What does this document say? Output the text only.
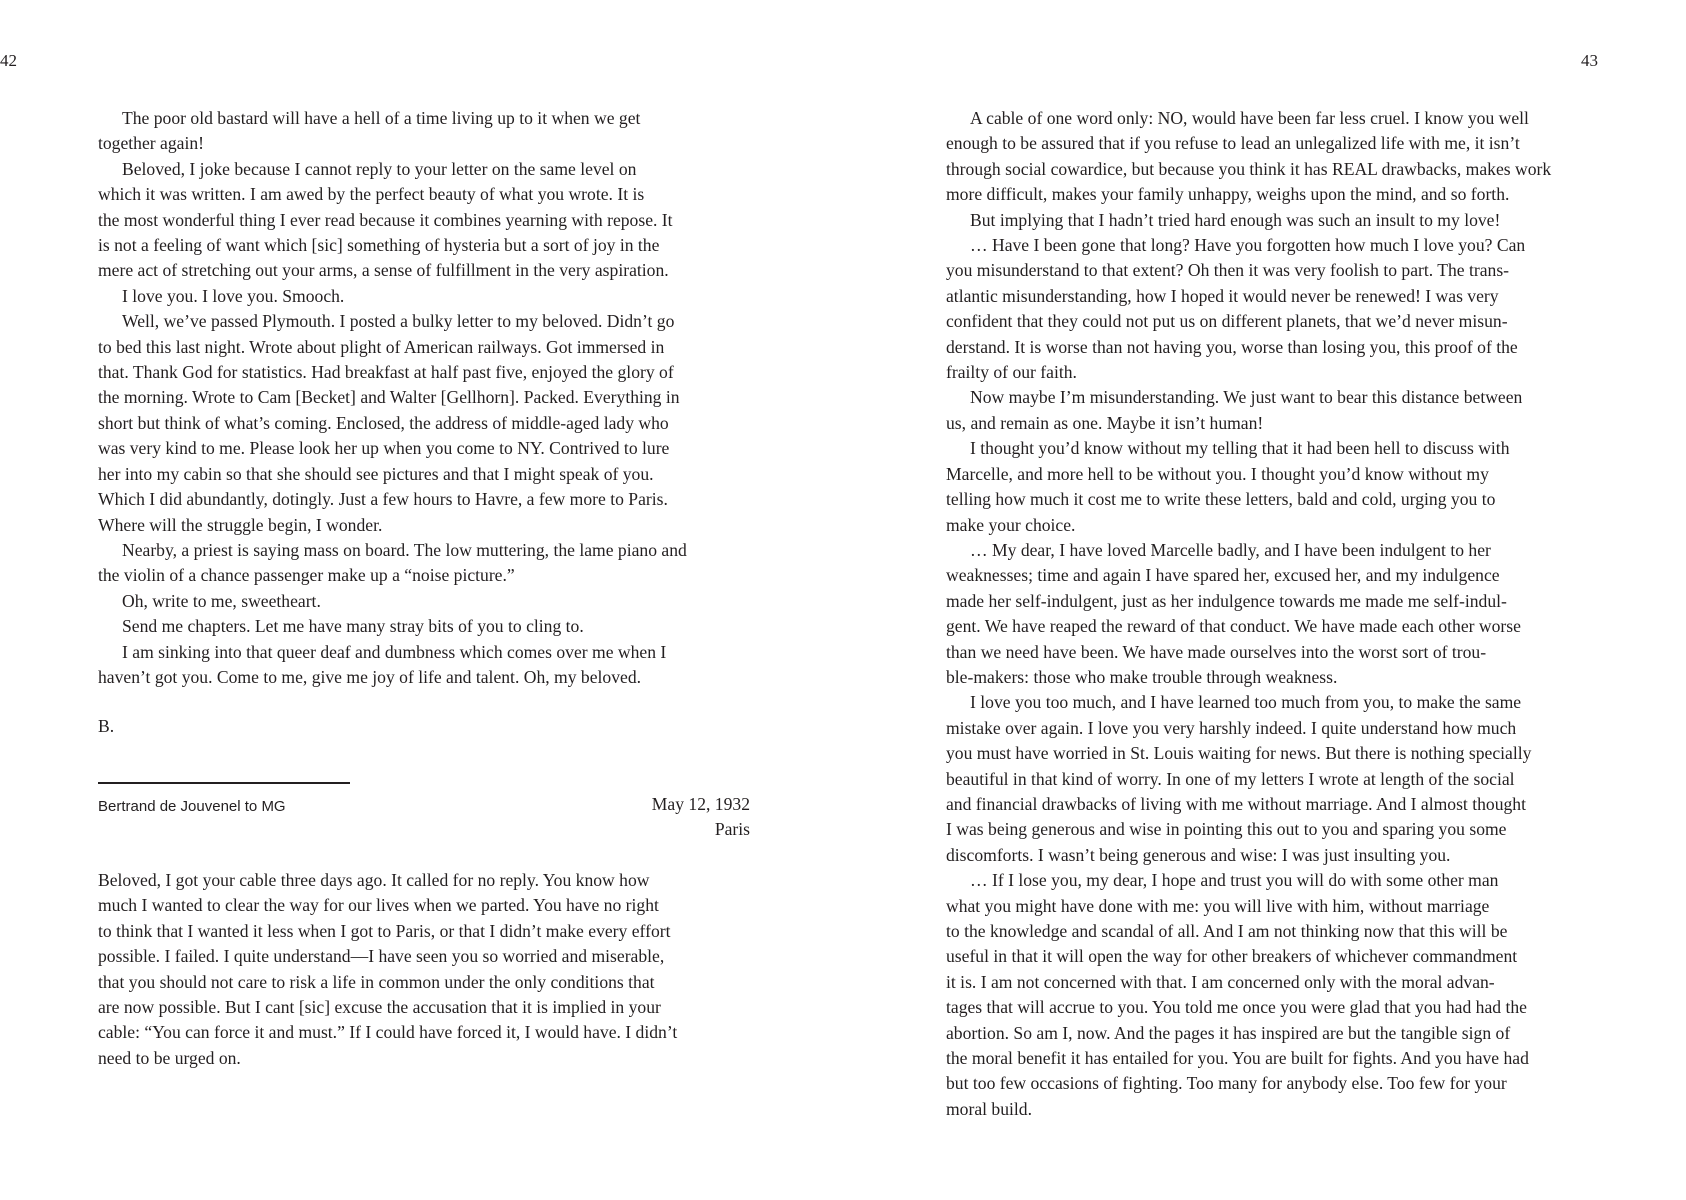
42	43

The poor old bastard will have a hell of a time living up to it when we get

together again!

Beloved, I joke because I cannot reply to your letter on the same level on

which it was written. I am awed by the perfect beauty of what you wrote. It is

the most wonderful thing I ever read because it combines yearning with repose. It

is not a feeling of want which [sic] something of hysteria but a sort of joy in the

mere act of stretching out your arms, a sense of fulfillment in the very aspiration.

I love you. I love you. Smooch.

Well, we’ve passed Plymouth. I posted a bulky letter to my beloved. Didn’t go

to bed this last night. Wrote about plight of American railways. Got immersed in

that. Thank God for statistics. Had breakfast at half past five, enjoyed the glory of

the morning. Wrote to Cam [Becket] and Walter [Gellhorn]. Packed. Everything in

short but think of what’s coming. Enclosed, the address of middle-aged lady who

was very kind to me. Please look her up when you come to NY. Contrived to lure

her into my cabin so that she should see pictures and that I might speak of you.

Which I did abundantly, dotingly. Just a few hours to Havre, a few more to Paris.

Where will the struggle begin, I wonder.

Nearby, a priest is saying mass on board. The low muttering, the lame piano and

the violin of a chance passenger make up a “noise picture.”

Oh, write to me, sweetheart.

Send me chapters. Let me have many stray bits of you to cling to.

I am sinking into that queer deaf and dumbness which comes over me when I

haven’t got you. Come to me, give me joy of life and talent. Oh, my beloved.

B.
Bertrand de Jouvenel to MG	May 12, 1932
Paris

Beloved, I got your cable three days ago. It called for no reply. You know how

much I wanted to clear the way for our lives when we parted. You have no right

to think that I wanted it less when I got to Paris, or that I didn’t make every effort

possible. I failed. I quite understand—I have seen you so worried and miserable,

that you should not care to risk a life in common under the only conditions that

are now possible. But I cant [sic] excuse the accusation that it is implied in your

cable: “You can force it and must.” If I could have forced it, I would have. I didn’t

need to be urged on.

A cable of one word only: NO, would have been far less cruel. I know you well

enough to be assured that if you refuse to lead an unlegalized life with me, it isn’t

through social cowardice, but because you think it has REAL drawbacks, makes work

more difficult, makes your family unhappy, weighs upon the mind, and so forth.

But implying that I hadn’t tried hard enough was such an insult to my love!

… Have I been gone that long? Have you forgotten how much I love you? Can

you misunderstand to that extent? Oh then it was very foolish to part. The trans-

atlantic misunderstanding, how I hoped it would never be renewed! I was very

confident that they could not put us on different planets, that we’d never misun-

derstand. It is worse than not having you, worse than losing you, this proof of the

frailty of our faith.

Now maybe I’m misunderstanding. We just want to bear this distance between

us, and remain as one. Maybe it isn’t human!

I thought you’d know without my telling that it had been hell to discuss with

Marcelle, and more hell to be without you. I thought you’d know without my

telling how much it cost me to write these letters, bald and cold, urging you to

make your choice.

… My dear, I have loved Marcelle badly, and I have been indulgent to her

weaknesses; time and again I have spared her, excused her, and my indulgence

made her self-indulgent, just as her indulgence towards me made me self-indul-

gent. We have reaped the reward of that conduct. We have made each other worse

than we need have been. We have made ourselves into the worst sort of trou-

ble-makers: those who make trouble through weakness.

I love you too much, and I have learned too much from you, to make the same

mistake over again. I love you very harshly indeed. I quite understand how much

you must have worried in St. Louis waiting for news. But there is nothing specially

beautiful in that kind of worry. In one of my letters I wrote at length of the social

and financial drawbacks of living with me without marriage. And I almost thought

I was being generous and wise in pointing this out to you and sparing you some

discomforts. I wasn’t being generous and wise: I was just insulting you.

… If I lose you, my dear, I hope and trust you will do with some other man

what you might have done with me: you will live with him, without marriage

to the knowledge and scandal of all. And I am not thinking now that this will be

useful in that it will open the way for other breakers of whichever commandment

it is. I am not concerned with that. I am concerned only with the moral advan-

tages that will accrue to you. You told me once you were glad that you had had the

abortion. So am I, now. And the pages it has inspired are but the tangible sign of

the moral benefit it has entailed for you. You are built for fights. And you have had

but too few occasions of fighting. Too many for anybody else. Too few for your

moral build.
